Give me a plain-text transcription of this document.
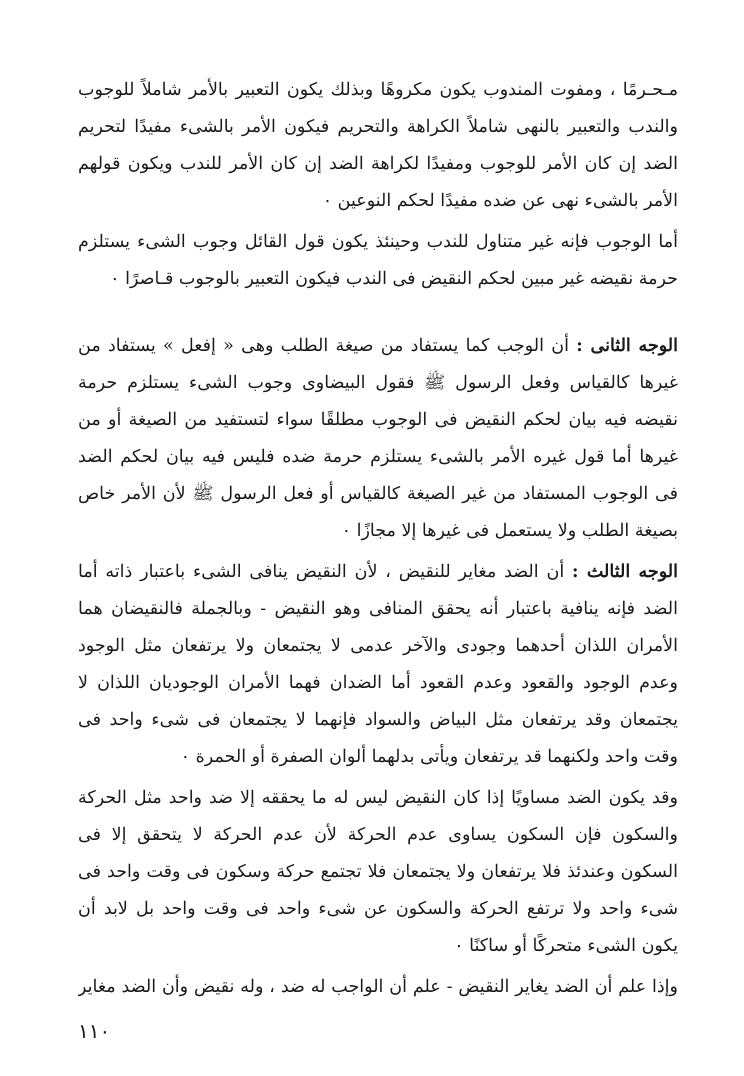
مـحـرمًا ، ومفوت المندوب يكون مكروهًا وبذلك يكون التعبير بالأمر شاملاً للوجوب والندب والتعبير بالنهى شاملاً الكراهة والتحريم فيكون الأمر بالشىء مفيدًا لتحريم الضد إن كان الأمر للوجوب ومفيدًا لكراهة الضد إن كان الأمر للندب ويكون قولهم الأمر بالشىء نهى عن ضده مفيدًا لحكم النوعين ٠

أما الوجوب فإنه غير متناول للندب وحينئذ يكون قول القائل وجوب الشىء يستلزم حرمة نقيضه غير مبين لحكم النقيض فى الندب فيكون التعبير بالوجوب قـاصرًا ٠

الوجه الثانى : أن الوجب كما يستفاد من صيغة الطلب وهى « إفعل » يستفاد من غيرها كالقياس وفعل الرسول ﷺ فقول البيضاوى وجوب الشىء يستلزم حرمة نقيضه فيه بيان لحكم النقيض فى الوجوب مطلقًا سواء لتستفيد من الصيغة أو من غيرها أما قول غيره الأمر بالشىء يستلزم حرمة ضده فليس فيه بيان لحكم الضد فى الوجوب المستفاد من غير الصيغة كالقياس أو فعل الرسول ﷺ لأن الأمر خاص بصيغة الطلب ولا يستعمل فى غيرها إلا مجازًا ٠

الوجه الثالث : أن الضد مغاير للنقيض ، لأن النقيض ينافى الشىء باعتبار ذاته أما الضد فإنه ينافية باعتبار أنه يحقق المنافى وهو النقيض - وبالجملة فالنقيضان هما الأمران اللذان أحدهما وجودى والآخر عدمى لا يجتمعان ولا يرتفعان مثل الوجود وعدم الوجود والقعود وعدم القعود أما الضدان فهما الأمران الوجوديان اللذان لا يجتمعان وقد يرتفعان مثل البياض والسواد فإنهما لا يجتمعان فى شىء واحد فى وقت واحد ولكنهما قد يرتفعان ويأتى بدلهما ألوان الصفرة أو الحمرة ٠

وقد يكون الضد مساويًا إذا كان النقيض ليس له ما يحققه إلا ضد واحد مثل الحركة والسكون فإن السكون يساوى عدم الحركة لأن عدم الحركة لا يتحقق إلا فى السكون وعندئذ فلا يرتفعان ولا يجتمعان فلا تجتمع حركة وسكون فى وقت واحد فى شىء واحد ولا ترتفع الحركة والسكون عن شىء واحد فى وقت واحد بل لابد أن يكون الشىء متحركًا أو ساكنًا ٠

وإذا علم أن الضد يغاير النقيض - علم أن الواجب له ضد ، وله نقيض وأن الضد مغاير

١١٠
